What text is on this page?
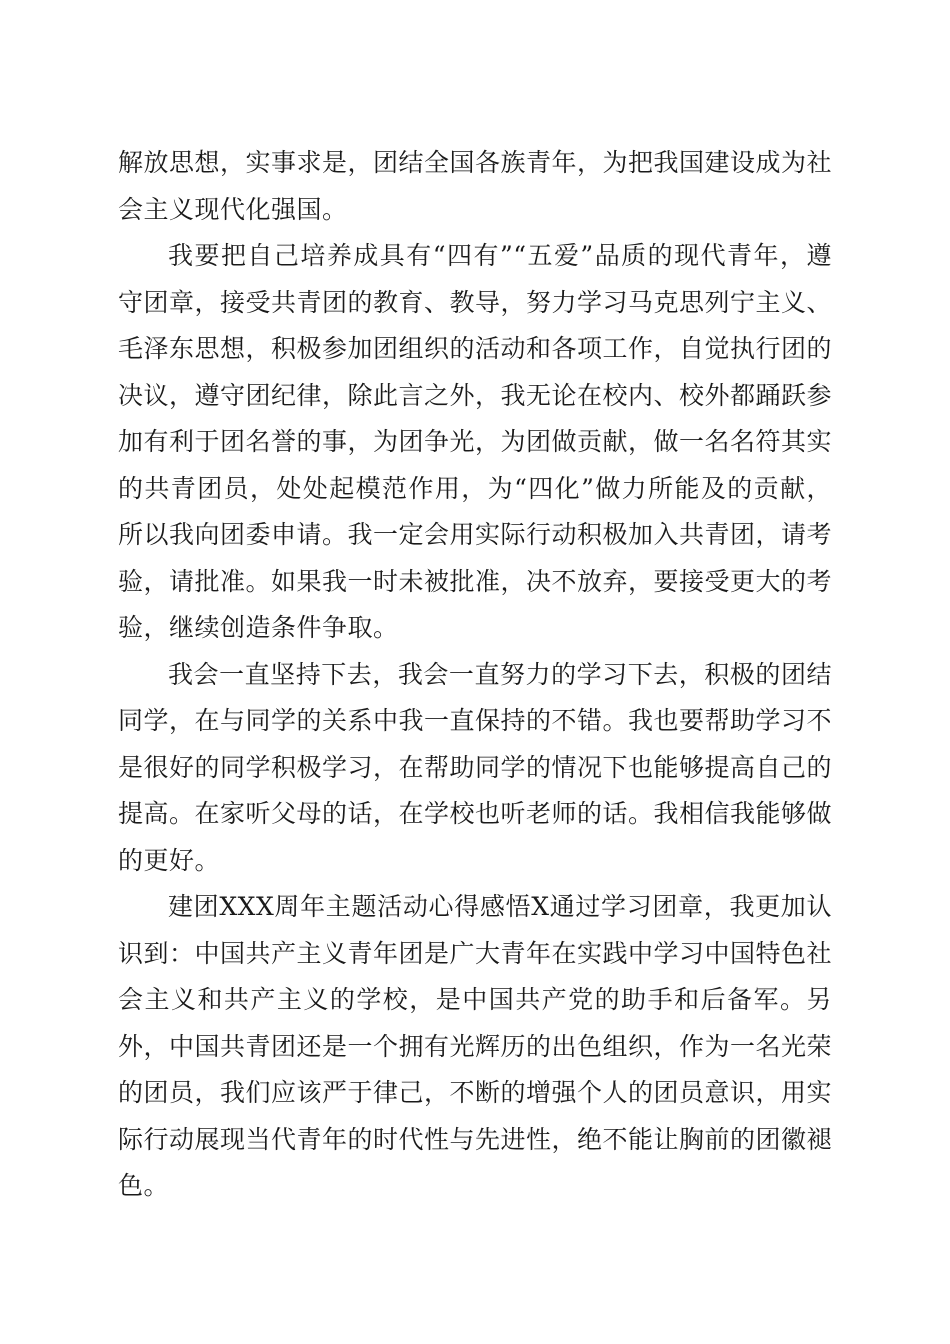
解放思想，实事求是，团结全国各族青年，为把我国建设成为社会主义现代化强国。

我要把自己培养成具有“四有”“五爱”品质的现代青年，遵守团章，接受共青团的教育、教导，努力学习马克思列宁主义、毛泽东思想，积极参加团组织的活动和各项工作，自觉执行团的决议，遵守团纪律，除此言之外，我无论在校内、校外都踊跃参加有利于团名誉的事，为团争光，为团做贡献，做一名名符其实的共青团员，处处起模范作用，为“四化”做力所能及的贡献，所以我向团委申请。我一定会用实际行动积极加入共青团，请考验，请批准。如果我一时未被批准，决不放弃，要接受更大的考验，继续创造条件争取。

我会一直坚持下去，我会一直努力的学习下去，积极的团结同学，在与同学的关系中我一直保持的不错。我也要帮助学习不是很好的同学积极学习，在帮助同学的情况下也能够提高自己的提高。在家听父母的话，在学校也听老师的话。我相信我能够做的更好。

建团XXX周年主题活动心得感悟X通过学习团章，我更加认识到：中国共产主义青年团是广大青年在实践中学习中国特色社会主义和共产主义的学校，是中国共产党的助手和后备军。另外，中国共青团还是一个拥有光辉历的出色组织，作为一名光荣的团员，我们应该严于律己，不断的增强个人的团员意识，用实际行动展现当代青年的时代性与先进性，绝不能让胸前的团徽褪色。
